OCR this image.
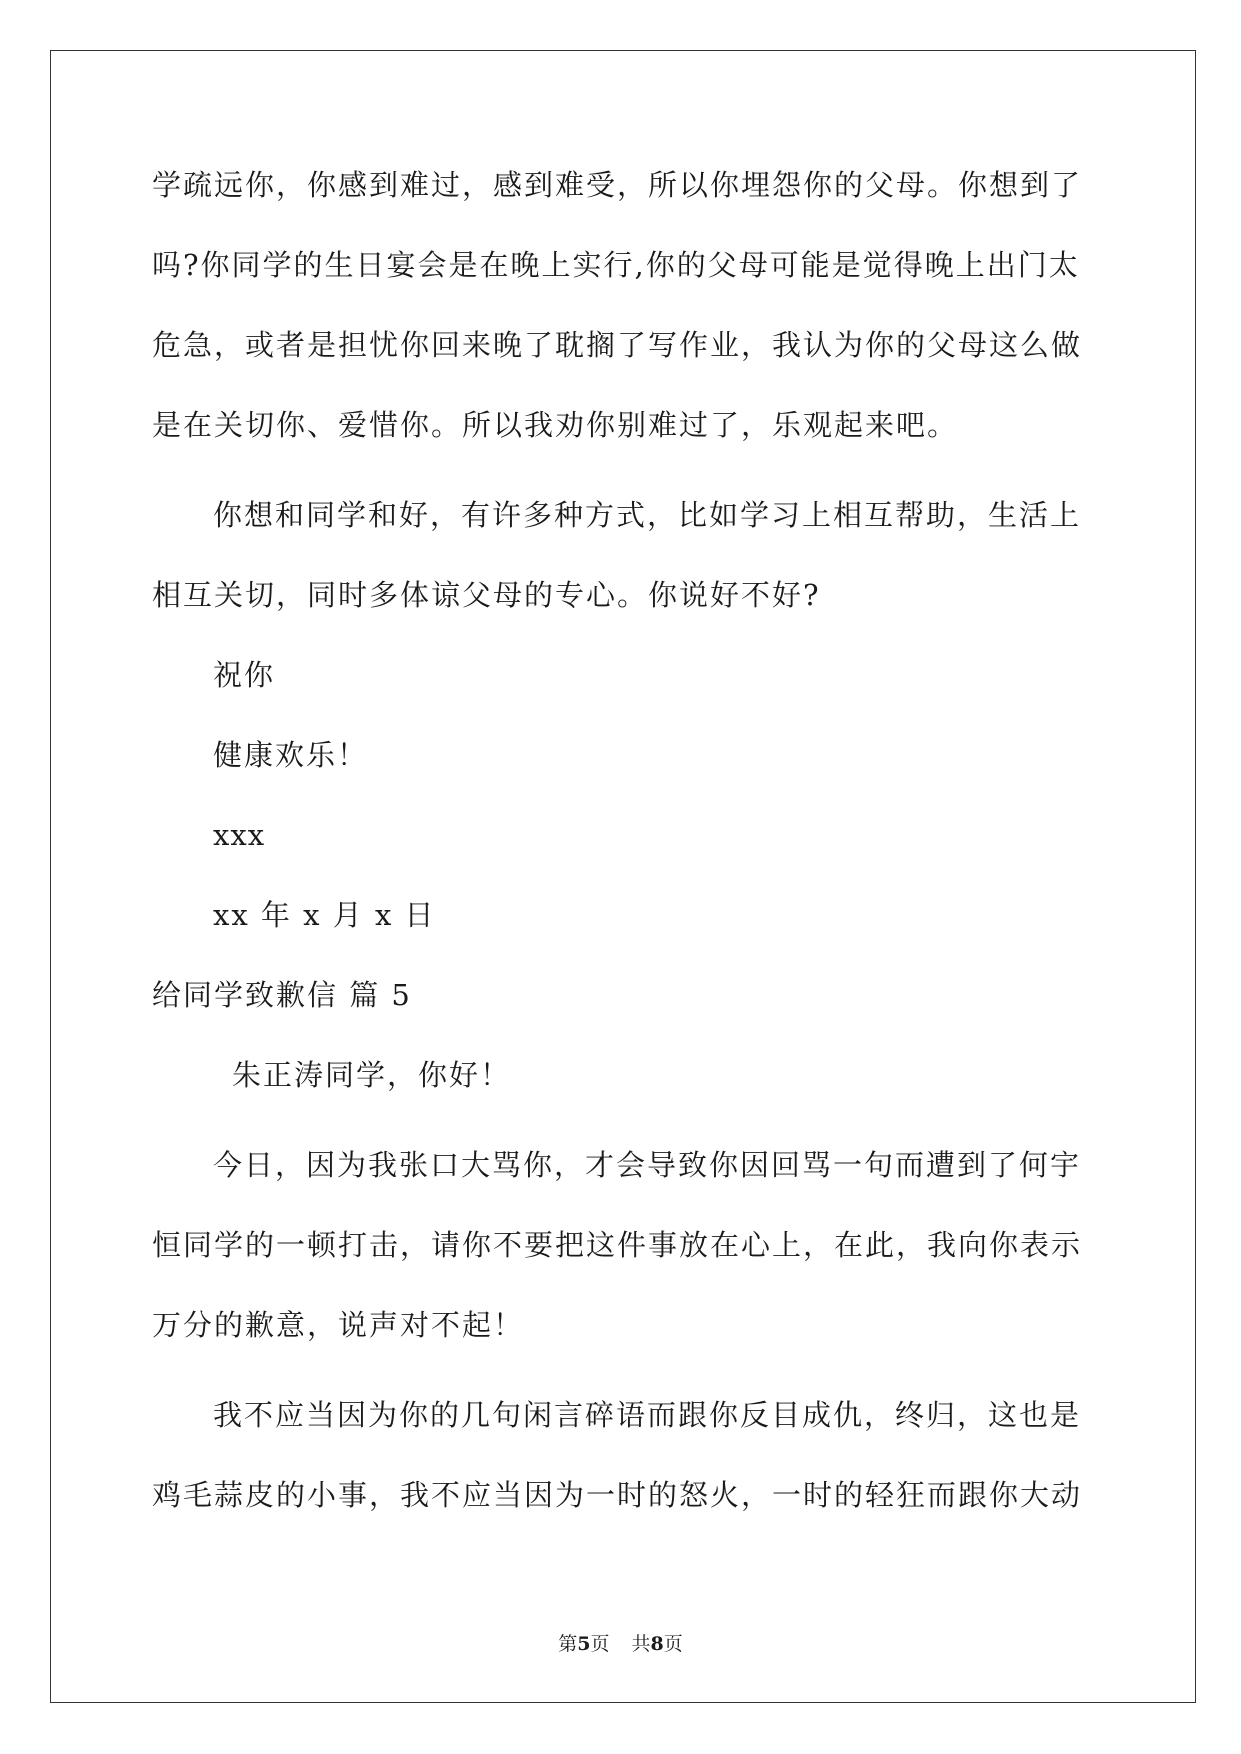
学疏远你，你感到难过，感到难受，所以你埋怨你的父母。你想到了
吗?你同学的生日宴会是在晚上实行,你的父母可能是觉得晚上出门太
危急，或者是担忧你回来晚了耽搁了写作业，我认为你的父母这么做
是在关切你、爱惜你。所以我劝你别难过了，乐观起来吧。
你想和同学和好，有许多种方式，比如学习上相互帮助，生活上
相互关切，同时多体谅父母的专心。你说好不好?
祝你
健康欢乐！
xxx
xx 年 x 月 x 日
给同学致歉信 篇 5
朱正涛同学，你好！
今日，因为我张口大骂你，才会导致你因回骂一句而遭到了何宇
恒同学的一顿打击，请你不要把这件事放在心上，在此，我向你表示
万分的歉意，说声对不起！
我不应当因为你的几句闲言碎语而跟你反目成仇，终归，这也是
鸡毛蒜皮的小事，我不应当因为一时的怒火，一时的轻狂而跟你大动
第5页 共8页
